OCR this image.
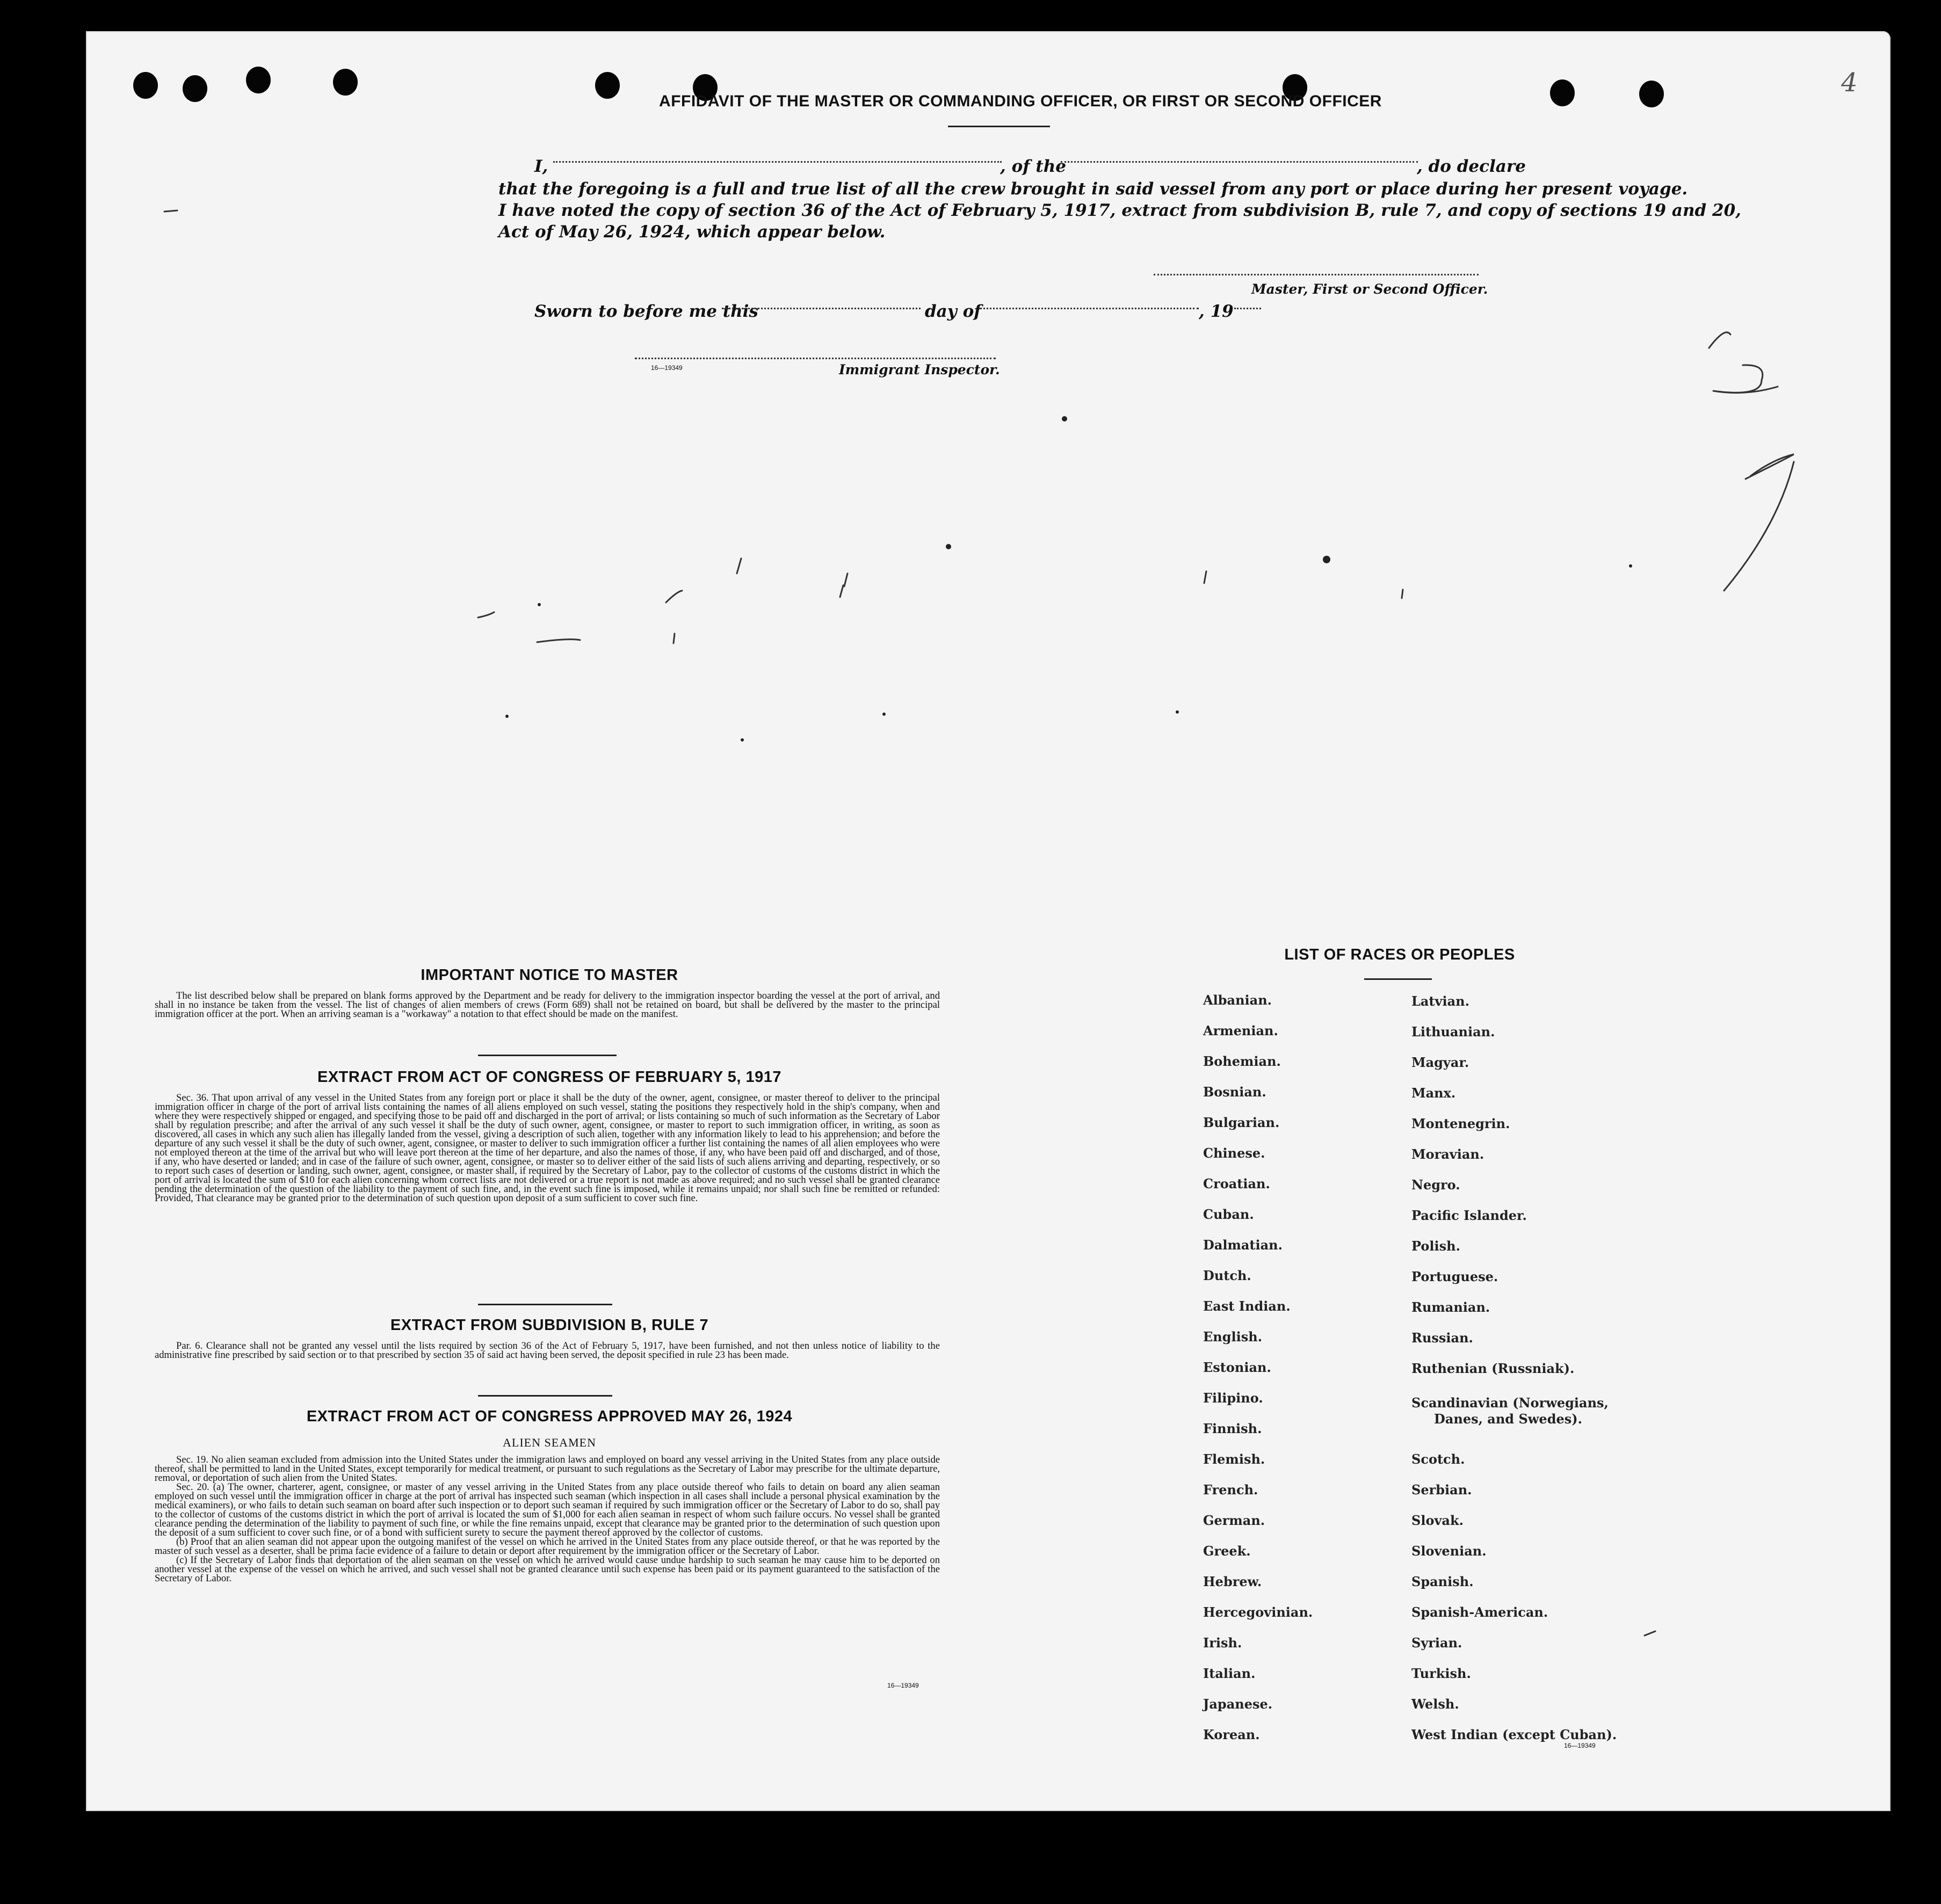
4
AFFIDAVIT OF THE MASTER OR COMMANDING OFFICER, OR FIRST OR SECOND OFFICER
I,	, of the	, do declare
that the foregoing is a full and true list of all the crew brought in said vessel from any port or place during her present voyage.
I have noted the copy of section 36 of the Act of February 5, 1917, extract from subdivision B, rule 7, and copy of sections 19 and 20,
Act of May 26, 1924, which appear below.
Master, First or Second Officer.
Sworn to before me this	day of	, 19
16—19349	Immigrant Inspector.
IMPORTANT NOTICE TO MASTER

The list described below shall be prepared on blank forms approved by the Department and be ready for delivery to the immigration inspector boarding the vessel at the port of arrival, and shall in no instance be taken from the vessel. The list of changes of alien members of crews (Form 689) shall not be retained on board, but shall be delivered by the master to the principal immigration officer at the port. When an arriving seaman is a "workaway" a notation to that effect should be made on the manifest.

EXTRACT FROM ACT OF CONGRESS OF FEBRUARY 5, 1917

Sec. 36. That upon arrival of any vessel in the United States from any foreign port or place it shall be the duty of the owner, agent, consignee, or master thereof to deliver to the principal immigration officer in charge of the port of arrival lists containing the names of all aliens employed on such vessel, stating the positions they respectively hold in the ship's company, when and where they were respectively shipped or engaged, and specifying those to be paid off and discharged in the port of arrival; or lists containing so much of such information as the Secretary of Labor shall by regulation prescribe; and after the arrival of any such vessel it shall be the duty of such owner, agent, consignee, or master to report to such immigration officer, in writing, as soon as discovered, all cases in which any such alien has illegally landed from the vessel, giving a description of such alien, together with any information likely to lead to his apprehension; and before the departure of any such vessel it shall be the duty of such owner, agent, consignee, or master to deliver to such immigration officer a further list containing the names of all alien employees who were not employed thereon at the time of the arrival but who will leave port thereon at the time of her departure, and also the names of those, if any, who have been paid off and discharged, and of those, if any, who have deserted or landed; and in case of the failure of such owner, agent, consignee, or master so to deliver either of the said lists of such aliens arriving and departing, respectively, or so to report such cases of desertion or landing, such owner, agent, consignee, or master shall, if required by the Secretary of Labor, pay to the collector of customs of the customs district in which the port of arrival is located the sum of $10 for each alien concerning whom correct lists are not delivered or a true report is not made as above required; and no such vessel shall be granted clearance pending the determination of the question of the liability to the payment of such fine, and, in the event such fine is imposed, while it remains unpaid; nor shall such fine be remitted or refunded: Provided, That clearance may be granted prior to the determination of such question upon deposit of a sum sufficient to cover such fine.

EXTRACT FROM SUBDIVISION B, RULE 7

Par. 6. Clearance shall not be granted any vessel until the lists required by section 36 of the Act of February 5, 1917, have been furnished, and not then unless notice of liability to the administrative fine prescribed by said section or to that prescribed by section 35 of said act having been served, the deposit specified in rule 23 has been made.

EXTRACT FROM ACT OF CONGRESS APPROVED MAY 26, 1924
ALIEN SEAMEN

Sec. 19. No alien seaman excluded from admission into the United States under the immigration laws and employed on board any vessel arriving in the United States from any place outside thereof, shall be permitted to land in the United States, except temporarily for medical treatment, or pursuant to such regulations as the Secretary of Labor may prescribe for the ultimate departure, removal, or deportation of such alien from the United States.

Sec. 20. (a) The owner, charterer, agent, consignee, or master of any vessel arriving in the United States from any place outside thereof who fails to detain on board any alien seaman employed on such vessel until the immigration officer in charge at the port of arrival has inspected such seaman (which inspection in all cases shall include a personal physical examination by the medical examiners), or who fails to detain such seaman on board after such inspection or to deport such seaman if required by such immigration officer or the Secretary of Labor to do so, shall pay to the collector of customs of the customs district in which the port of arrival is located the sum of $1,000 for each alien seaman in respect of whom such failure occurs. No vessel shall be granted clearance pending the determination of the liability to payment of such fine, or while the fine remains unpaid, except that clearance may be granted prior to the determination of such question upon the deposit of a sum sufficient to cover such fine, or of a bond with sufficient surety to secure the payment thereof approved by the collector of customs.

(b) Proof that an alien seaman did not appear upon the outgoing manifest of the vessel on which he arrived in the United States from any place outside thereof, or that he was reported by the master of such vessel as a deserter, shall be prima facie evidence of a failure to detain or deport after requirement by the immigration officer or the Secretary of Labor.

(c) If the Secretary of Labor finds that deportation of the alien seaman on the vessel on which he arrived would cause undue hardship to such seaman he may cause him to be deported on another vessel at the expense of the vessel on which he arrived, and such vessel shall not be granted clearance until such expense has been paid or its payment guaranteed to the satisfaction of the Secretary of Labor.

16—19349
LIST OF RACES OR PEOPLES
Albanian.
Armenian.
Bohemian.
Bosnian.
Bulgarian.
Chinese.
Croatian.
Cuban.
Dalmatian.
Dutch.
East Indian.
English.
Estonian.
Filipino.
Finnish.
Flemish.
French.
German.
Greek.
Hebrew.
Hercegovinian.
Irish.
Italian.
Japanese.
Korean.
Latvian.
Lithuanian.
Magyar.
Manx.
Montenegrin.
Moravian.
Negro.
Pacific Islander.
Polish.
Portuguese.
Rumanian.
Russian.
Ruthenian (Russniak).
Scandinavian (Norwegians,
Danes, and Swedes).
Scotch.
Serbian.
Slovak.
Slovenian.
Spanish.
Spanish-American.
Syrian.
Turkish.
Welsh.
West Indian (except Cuban).
16—19349
